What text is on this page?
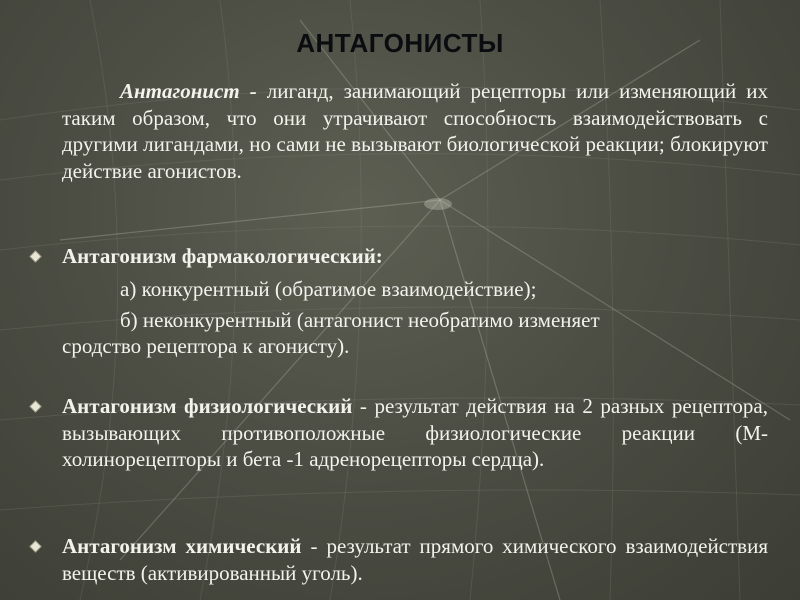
АНТАГОНИСТЫ
Антагонист - лиганд, занимающий рецепторы или изменяющий их таким образом, что они утрачивают способность взаимодействовать с другими лигандами, но сами не вызывают биологической реакции; блокируют действие агонистов.
Антагонизм фармакологический:
а) конкурентный (обратимое взаимодействие);
б) неконкурентный (антагонист необратимо изменяет
сродство рецептора к агонисту).
Антагонизм физиологический - результат действия на 2 разных рецептора, вызывающих противоположные физиологические реакции (М-холинорецепторы и бета -1 адренорецепторы сердца).
Антагонизм химический - результат прямого химического взаимодействия веществ (активированный уголь).
